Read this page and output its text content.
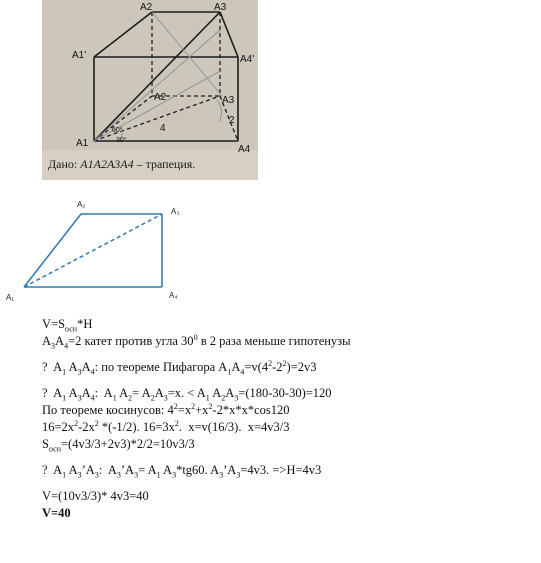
A2	A3
A1'	A4'
A2	A3
A1
A4
4
2
60°
30°
Дано: A1A2A3A4 – трапеция.
A₂
A₃
A₁	A₄
$V=S_{осн}*H$
$A_3A_4=2$ катет против угла $30^0$ в 2 раза меньше гипотенузы
?  $A_1$ $A_3A_4$: по теореме Пифагора $A_1A_4=v(4^2-2^2)=2v3$
?  $A_1$ $A_3A_4$:  $A_1$ $A_2= A_2A_3=x$. < $A_1$ $A_2A_3=(180-30-30)=120$
По теореме косинусов: $4^2=x^2+x^2-2*x*x*\cos 120$
$16=2x^2-2x^2$ *(-1/2). $16=3x^2$.  x=v(16/3).  x=4v3/3
$S_{осн}=(4v3/3+2v3)*2/2=10v3/3$
?  $A_1$ $A_3’A_3$:  $A_3’A_3= A_1$ $A_3*tg60$. $A_3’A_3=4v3$. =>H=4v3
V=(10v3/3)* 4v3=40
V=40
